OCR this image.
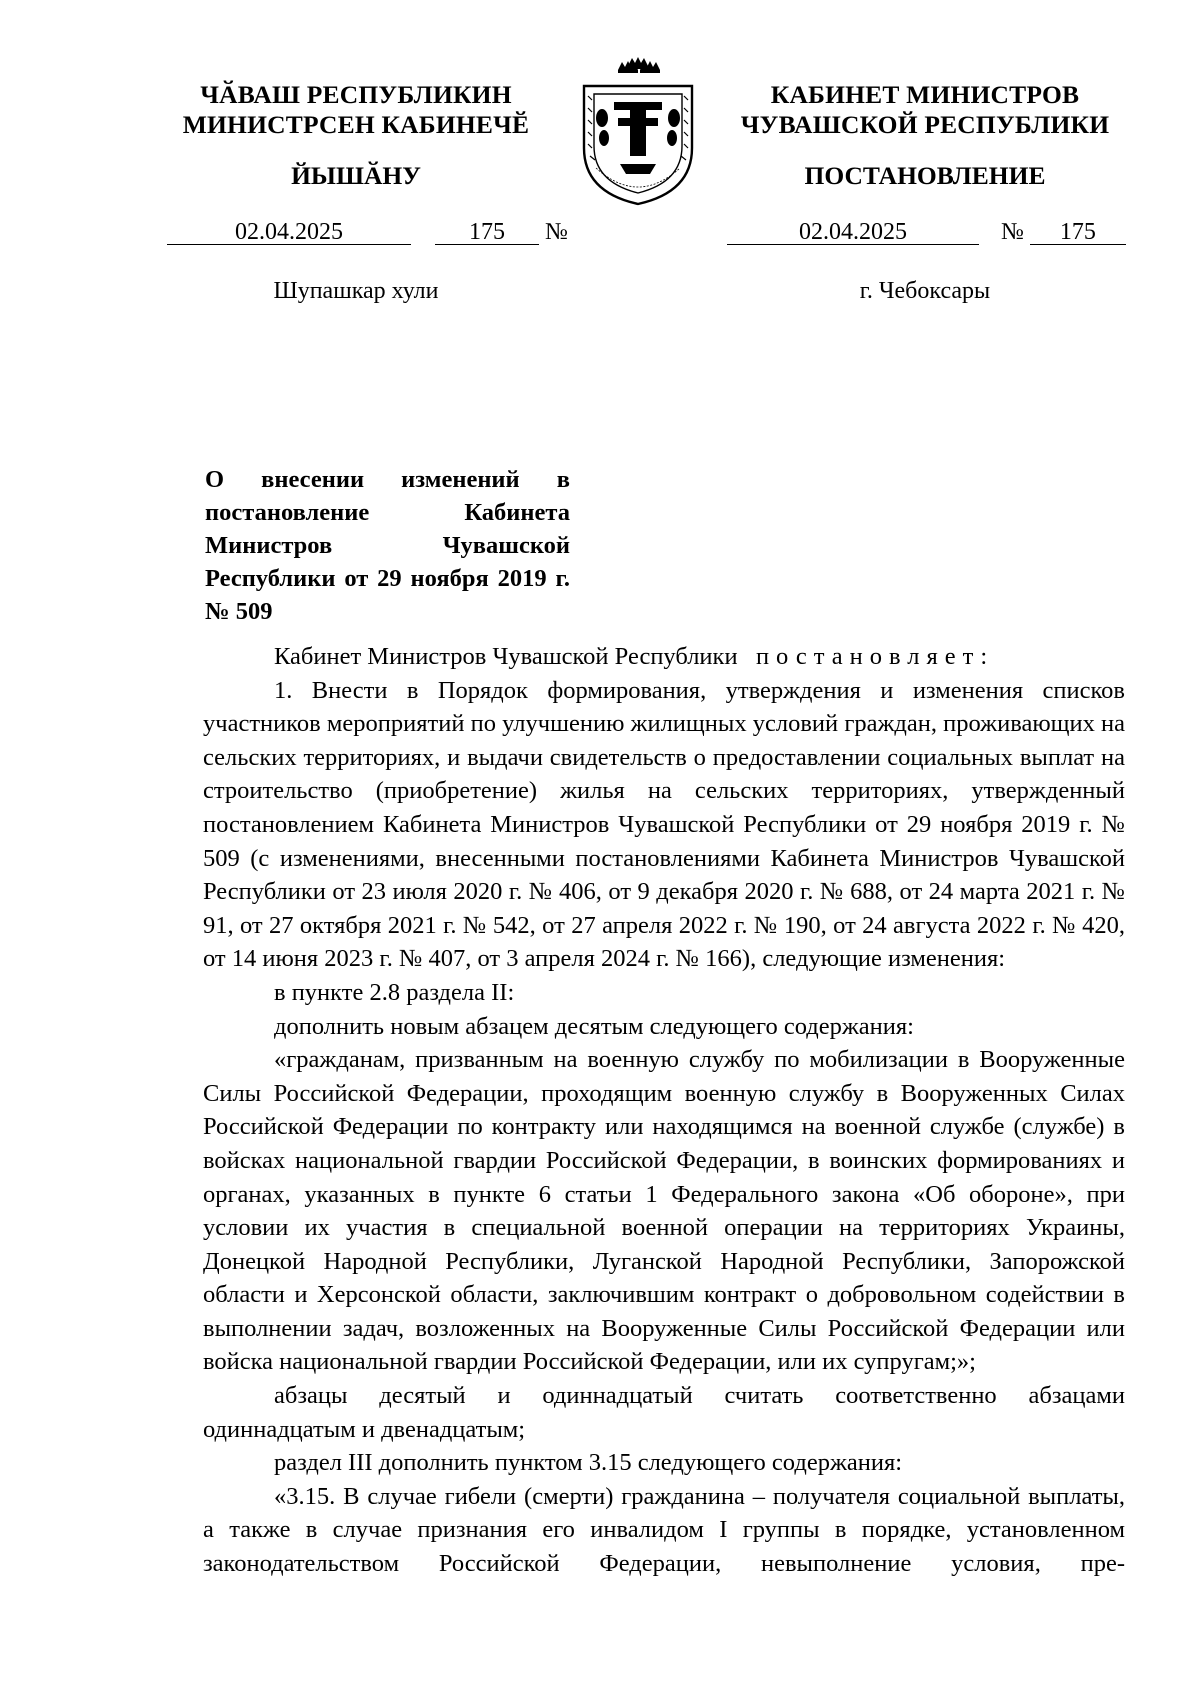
ЧӐВАШ РЕСПУБЛИКИН
МИНИСТРСЕН КАБИНЕЧӖ
ЙЫШӐНУ
КАБИНЕТ МИНИСТРОВ
ЧУВАШСКОЙ РЕСПУБЛИКИ
ПОСТАНОВЛЕНИЕ
02.04.2025	175 №	02.04.2025	№ 175
Шупашкар хули	г. Чебоксары
О внесении изменений в постановление Кабинета Министров Чувашской Республики от 29 ноября 2019 г. № 509

Кабинет Министров Чувашской Республики постановляет:

1. Внести в Порядок формирования, утверждения и изменения списков участников мероприятий по улучшению жилищных условий граждан, проживающих на сельских территориях, и выдачи свидетельств о предоставлении социальных выплат на строительство (приобретение) жилья на сельских территориях, утвержденный постановлением Кабинета Министров Чувашской Республики от 29 ноября 2019 г. № 509 (с изменениями, внесенными постановлениями Кабинета Министров Чувашской Республики от 23 июля 2020 г. № 406, от 9 декабря 2020 г. № 688, от 24 марта 2021 г. № 91, от 27 октября 2021 г. № 542, от 27 апреля 2022 г. № 190, от 24 августа 2022 г. № 420, от 14 июня 2023 г. № 407, от 3 апреля 2024 г. № 166), следующие изменения:

в пункте 2.8 раздела II:

дополнить новым абзацем десятым следующего содержания:

«гражданам, призванным на военную службу по мобилизации в Вооруженные Силы Российской Федерации, проходящим военную службу в Вооруженных Силах Российской Федерации по контракту или находящимся на военной службе (службе) в войсках национальной гвардии Российской Федерации, в воинских формированиях и органах, указанных в пункте 6 статьи 1 Федерального закона «Об обороне», при условии их участия в специальной военной операции на территориях Украины, Донецкой Народной Республики, Луганской Народной Республики, Запорожской области и Херсонской области, заключившим контракт о добровольном содействии в выполнении задач, возложенных на Вооруженные Силы Российской Федерации или войска национальной гвардии Российской Федерации, или их супругам;»;

абзацы десятый и одиннадцатый считать соответственно абзацами одиннадцатым и двенадцатым;

раздел III дополнить пунктом 3.15 следующего содержания:

«3.15. В случае гибели (смерти) гражданина – получателя социальной выплаты, а также в случае признания его инвалидом I группы в порядке, установленном законодательством Российской Федерации, невыполнение условия, пре-
